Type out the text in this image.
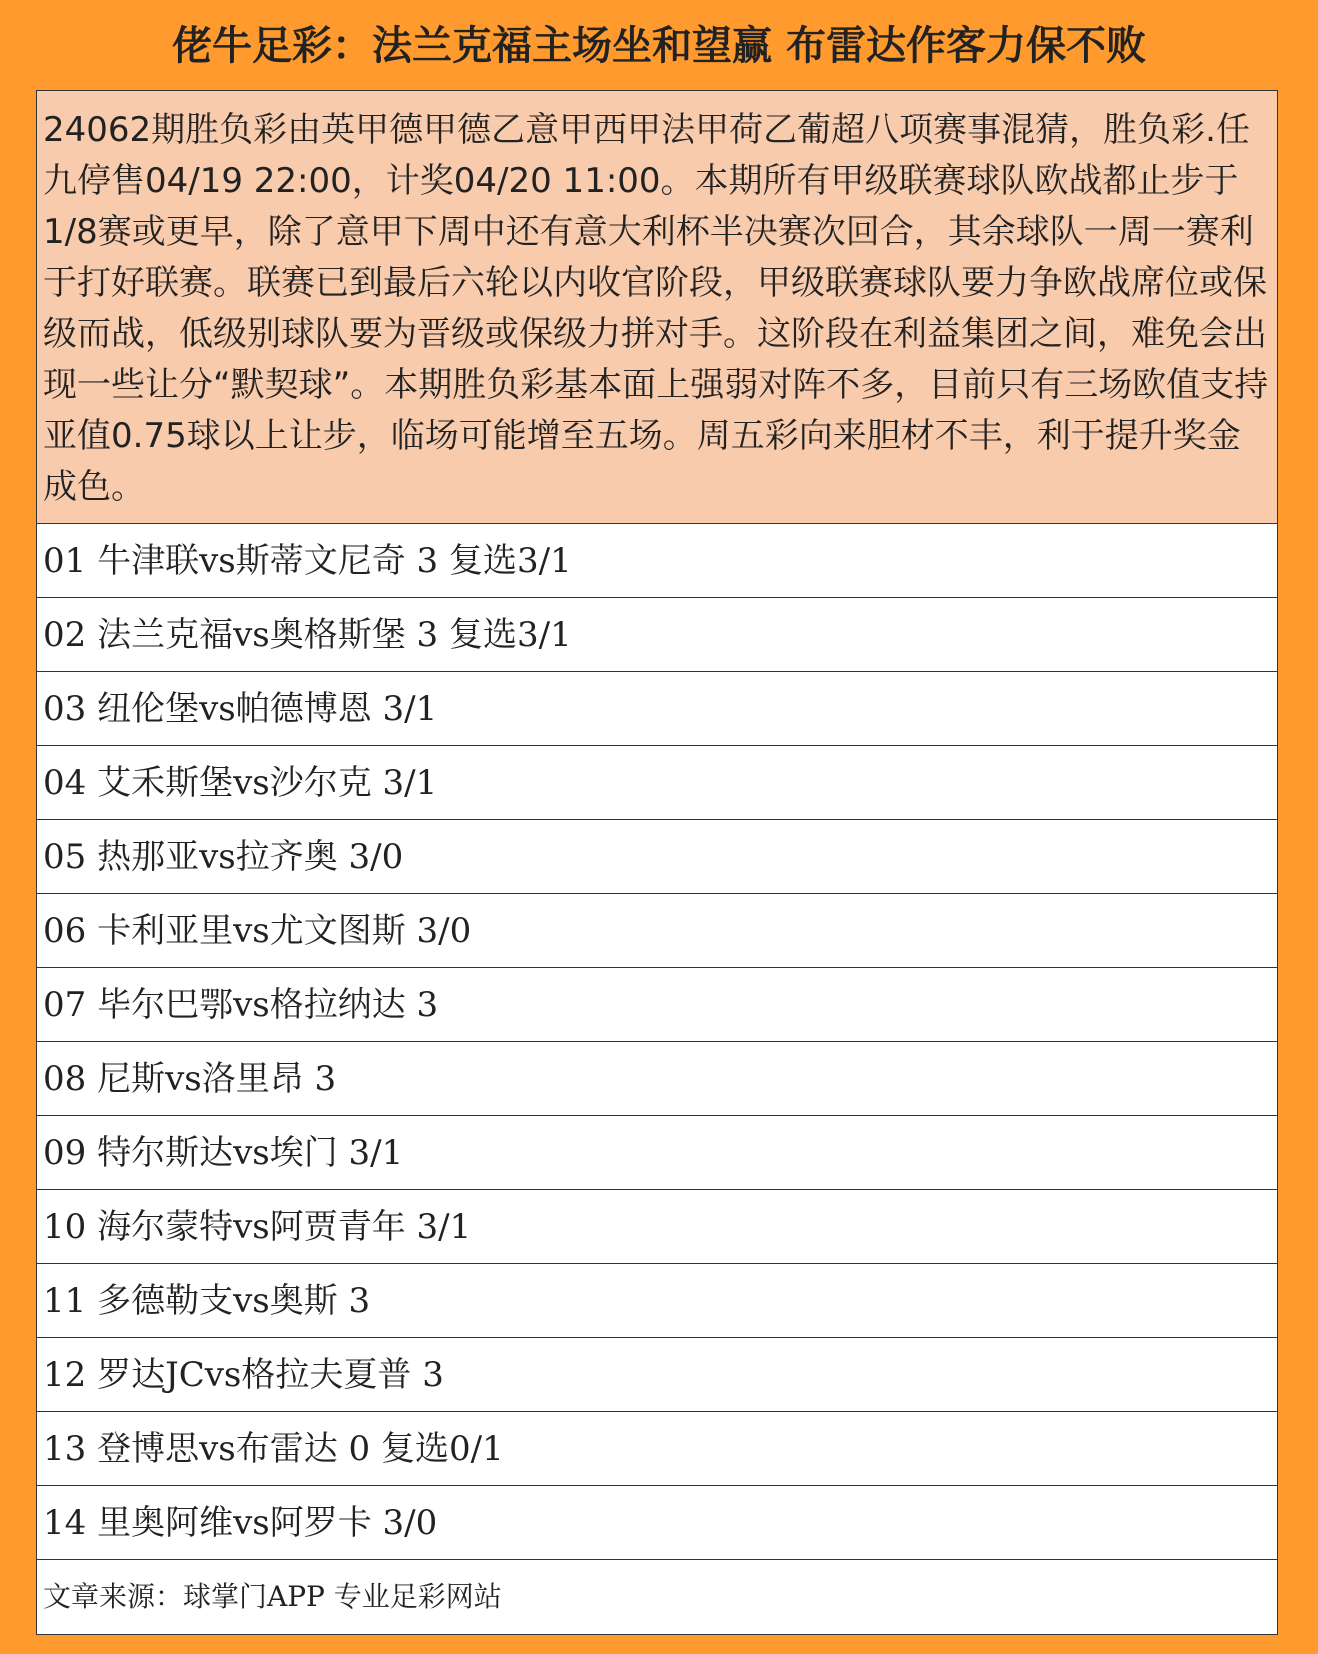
佬牛足彩：法兰克福主场坐和望赢 布雷达作客力保不败
24062期胜负彩由英甲德甲德乙意甲西甲法甲荷乙葡超八项赛事混猜，胜负彩.任九停售04/19 22:00，计奖04/20 11:00。本期所有甲级联赛球队欧战都止步于1/8赛或更早，除了意甲下周中还有意大利杯半决赛次回合，其余球队一周一赛利于打好联赛。联赛已到最后六轮以内收官阶段，甲级联赛球队要力争欧战席位或保级而战，低级别球队要为晋级或保级力拼对手。这阶段在利益集团之间，难免会出现一些让分“默契球”。本期胜负彩基本面上强弱对阵不多，目前只有三场欧值支持亚值0.75球以上让步，临场可能增至五场。周五彩向来胆材不丰，利于提升奖金成色。
01 牛津联vs斯蒂文尼奇 3 复选3/1
02 法兰克福vs奥格斯堡 3 复选3/1
03 纽伦堡vs帕德博恩 3/1
04 艾禾斯堡vs沙尔克 3/1
05 热那亚vs拉齐奥 3/0
06 卡利亚里vs尤文图斯 3/0
07 毕尔巴鄂vs格拉纳达 3
08 尼斯vs洛里昂 3
09 特尔斯达vs埃门 3/1
10 海尔蒙特vs阿贾青年 3/1
11 多德勒支vs奥斯 3
12 罗达JCvs格拉夫夏普 3
13 登博思vs布雷达 0 复选0/1
14 里奥阿维vs阿罗卡 3/0
文章来源：球掌门APP 专业足彩网站
